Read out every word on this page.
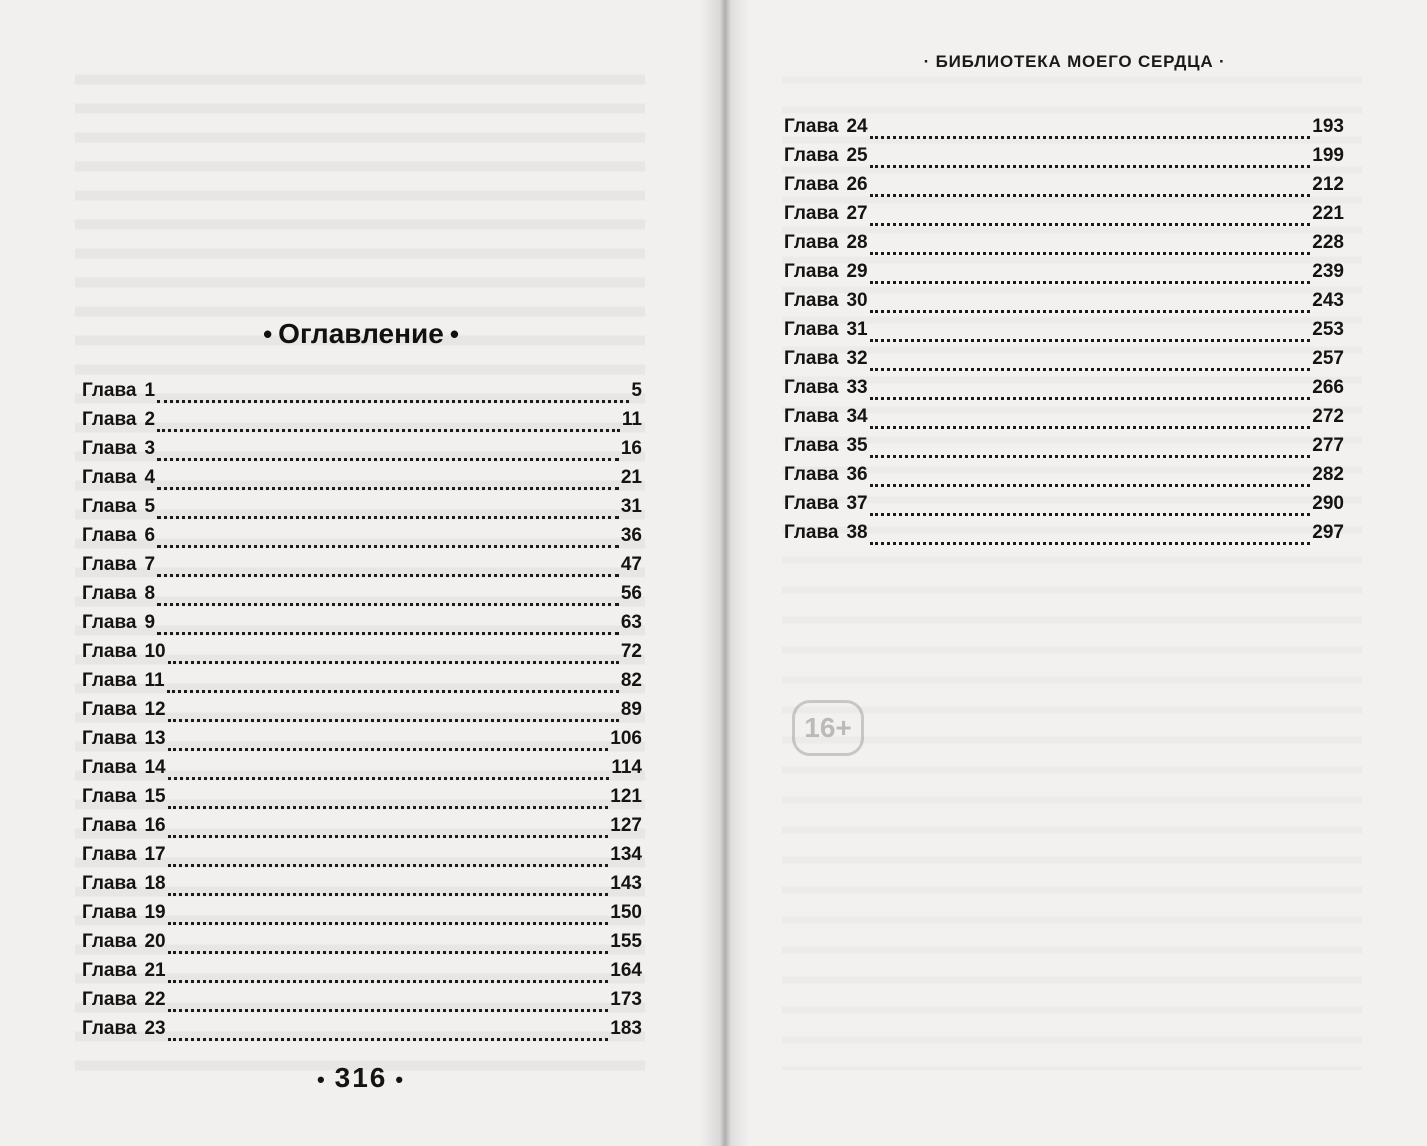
• Оглавление •
Глава 1	5
Глава 2	11
Глава 3	16
Глава 4	21
Глава 5	31
Глава 6	36
Глава 7	47
Глава 8	56
Глава 9	63
Глава 10	72
Глава 11	82
Глава 12	89
Глава 13	106
Глава 14	114
Глава 15	121
Глава 16	127
Глава 17	134
Глава 18	143
Глава 19	150
Глава 20	155
Глава 21	164
Глава 22	173
Глава 23	183
• 316 •
16+
· БИБЛИОТЕКА МОЕГО СЕРДЦА ·
Глава 24	193
Глава 25	199
Глава 26	212
Глава 27	221
Глава 28	228
Глава 29	239
Глава 30	243
Глава 31	253
Глава 32	257
Глава 33	266
Глава 34	272
Глава 35	277
Глава 36	282
Глава 37	290
Глава 38	297
